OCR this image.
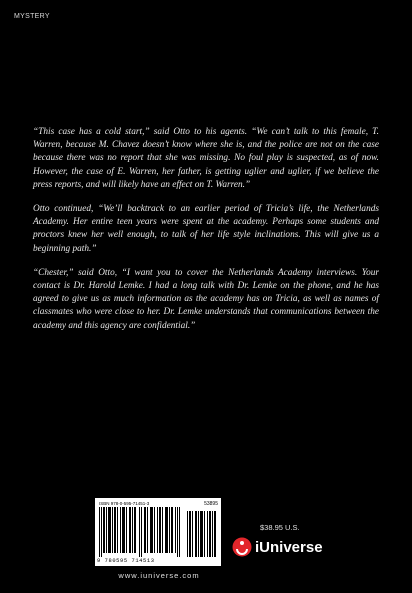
MYSTERY

“This case has a cold start,” said Otto to his agents. “We can’t talk to this female, T. Warren, because M. Chavez doesn’t know where she is, and the police are not on the case because there was no report that she was missing. No foul play is suspected, as of now. However, the case of E. Warren, her father, is getting uglier and uglier, if we believe the press reports, and will likely have an effect on T. Warren.”

Otto continued, “We’ll backtrack to an earlier period of Tricia’s life, the Netherlands Academy. Her entire teen years were spent at the academy. Perhaps some students and proctors knew her well enough, to talk of her life style inclinations. This will give us a beginning path.”

“Chester,” said Otto, “I want you to cover the Netherlands Academy interviews. Your contact is Dr. Harold Lemke. I had a long talk with Dr. Lemke on the phone, and he has agreed to give us as much information as the academy has on Tricia, as well as names of classmates who were close to her. Dr. Lemke understands that communications between the academy and this agency are confidential.”

ISBN 978-0-595-71451-3	53895
9 780595 714513
www.iuniverse.com
$38.95 U.S.
iUniverse
